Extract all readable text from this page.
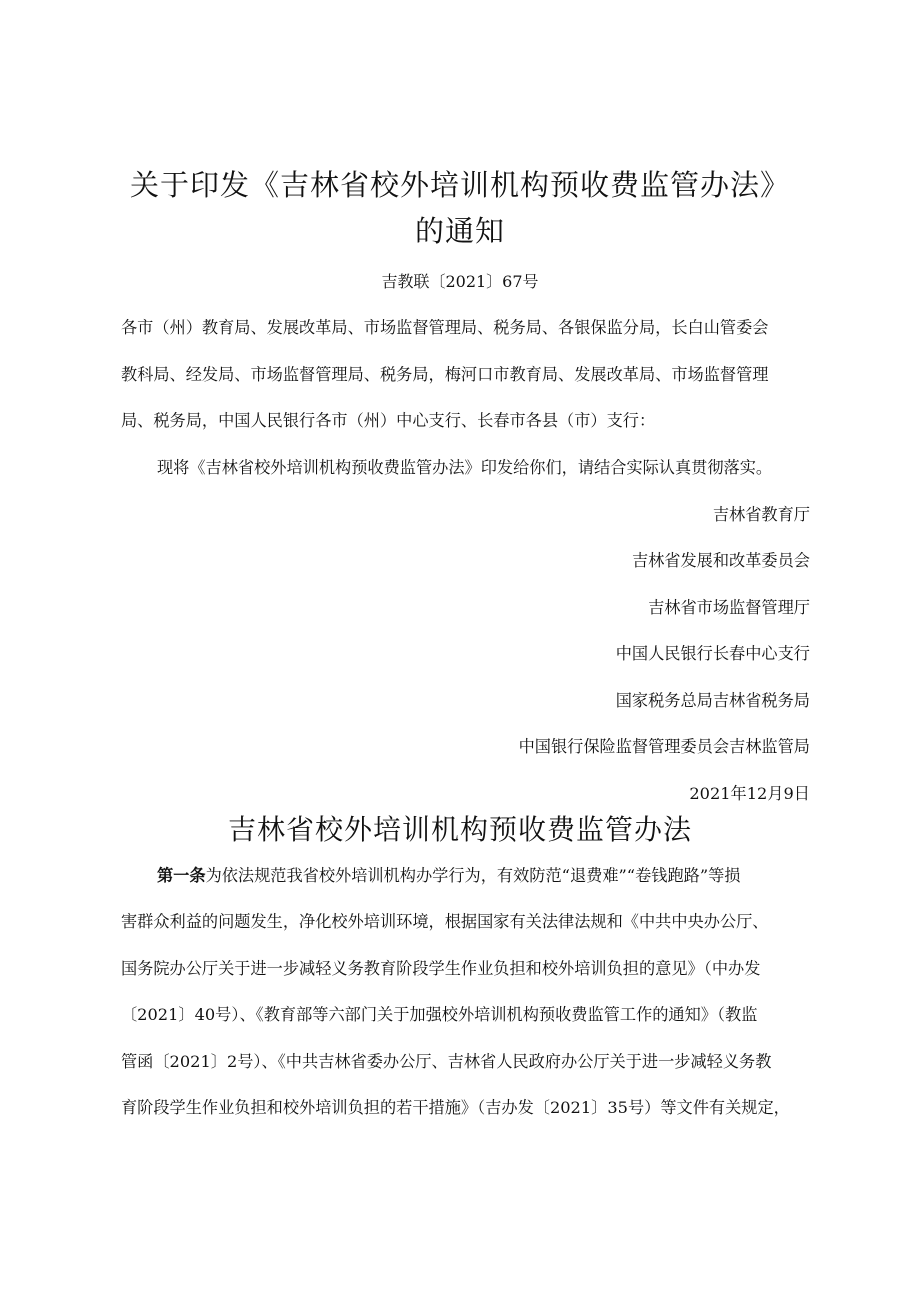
关于印发《吉林省校外培训机构预收费监管办法》
的通知
吉教联〔2021〕67号
各市（州）教育局、发展改革局、市场监督管理局、税务局、各银保监分局，长白山管委会
教科局、经发局、市场监督管理局、税务局，梅河口市教育局、发展改革局、市场监督管理
局、税务局，中国人民银行各市（州）中心支行、长春市各县（市）支行：
现将《吉林省校外培训机构预收费监管办法》印发给你们，请结合实际认真贯彻落实。
吉林省教育厅
吉林省发展和改革委员会
吉林省市场监督管理厅
中国人民银行长春中心支行
国家税务总局吉林省税务局
中国银行保险监督管理委员会吉林监管局
2021年12月9日
吉林省校外培训机构预收费监管办法
第一条为依法规范我省校外培训机构办学行为，有效防范“退费难”“卷钱跑路”等损
害群众利益的问题发生，净化校外培训环境，根据国家有关法律法规和《中共中央办公厅、
国务院办公厅关于进一步减轻义务教育阶段学生作业负担和校外培训负担的意见》（中办发
〔2021〕40号）、《教育部等六部门关于加强校外培训机构预收费监管工作的通知》（教监
管函〔2021〕2号）、《中共吉林省委办公厅、吉林省人民政府办公厅关于进一步减轻义务教
育阶段学生作业负担和校外培训负担的若干措施》（吉办发〔2021〕35号）等文件有关规定，
